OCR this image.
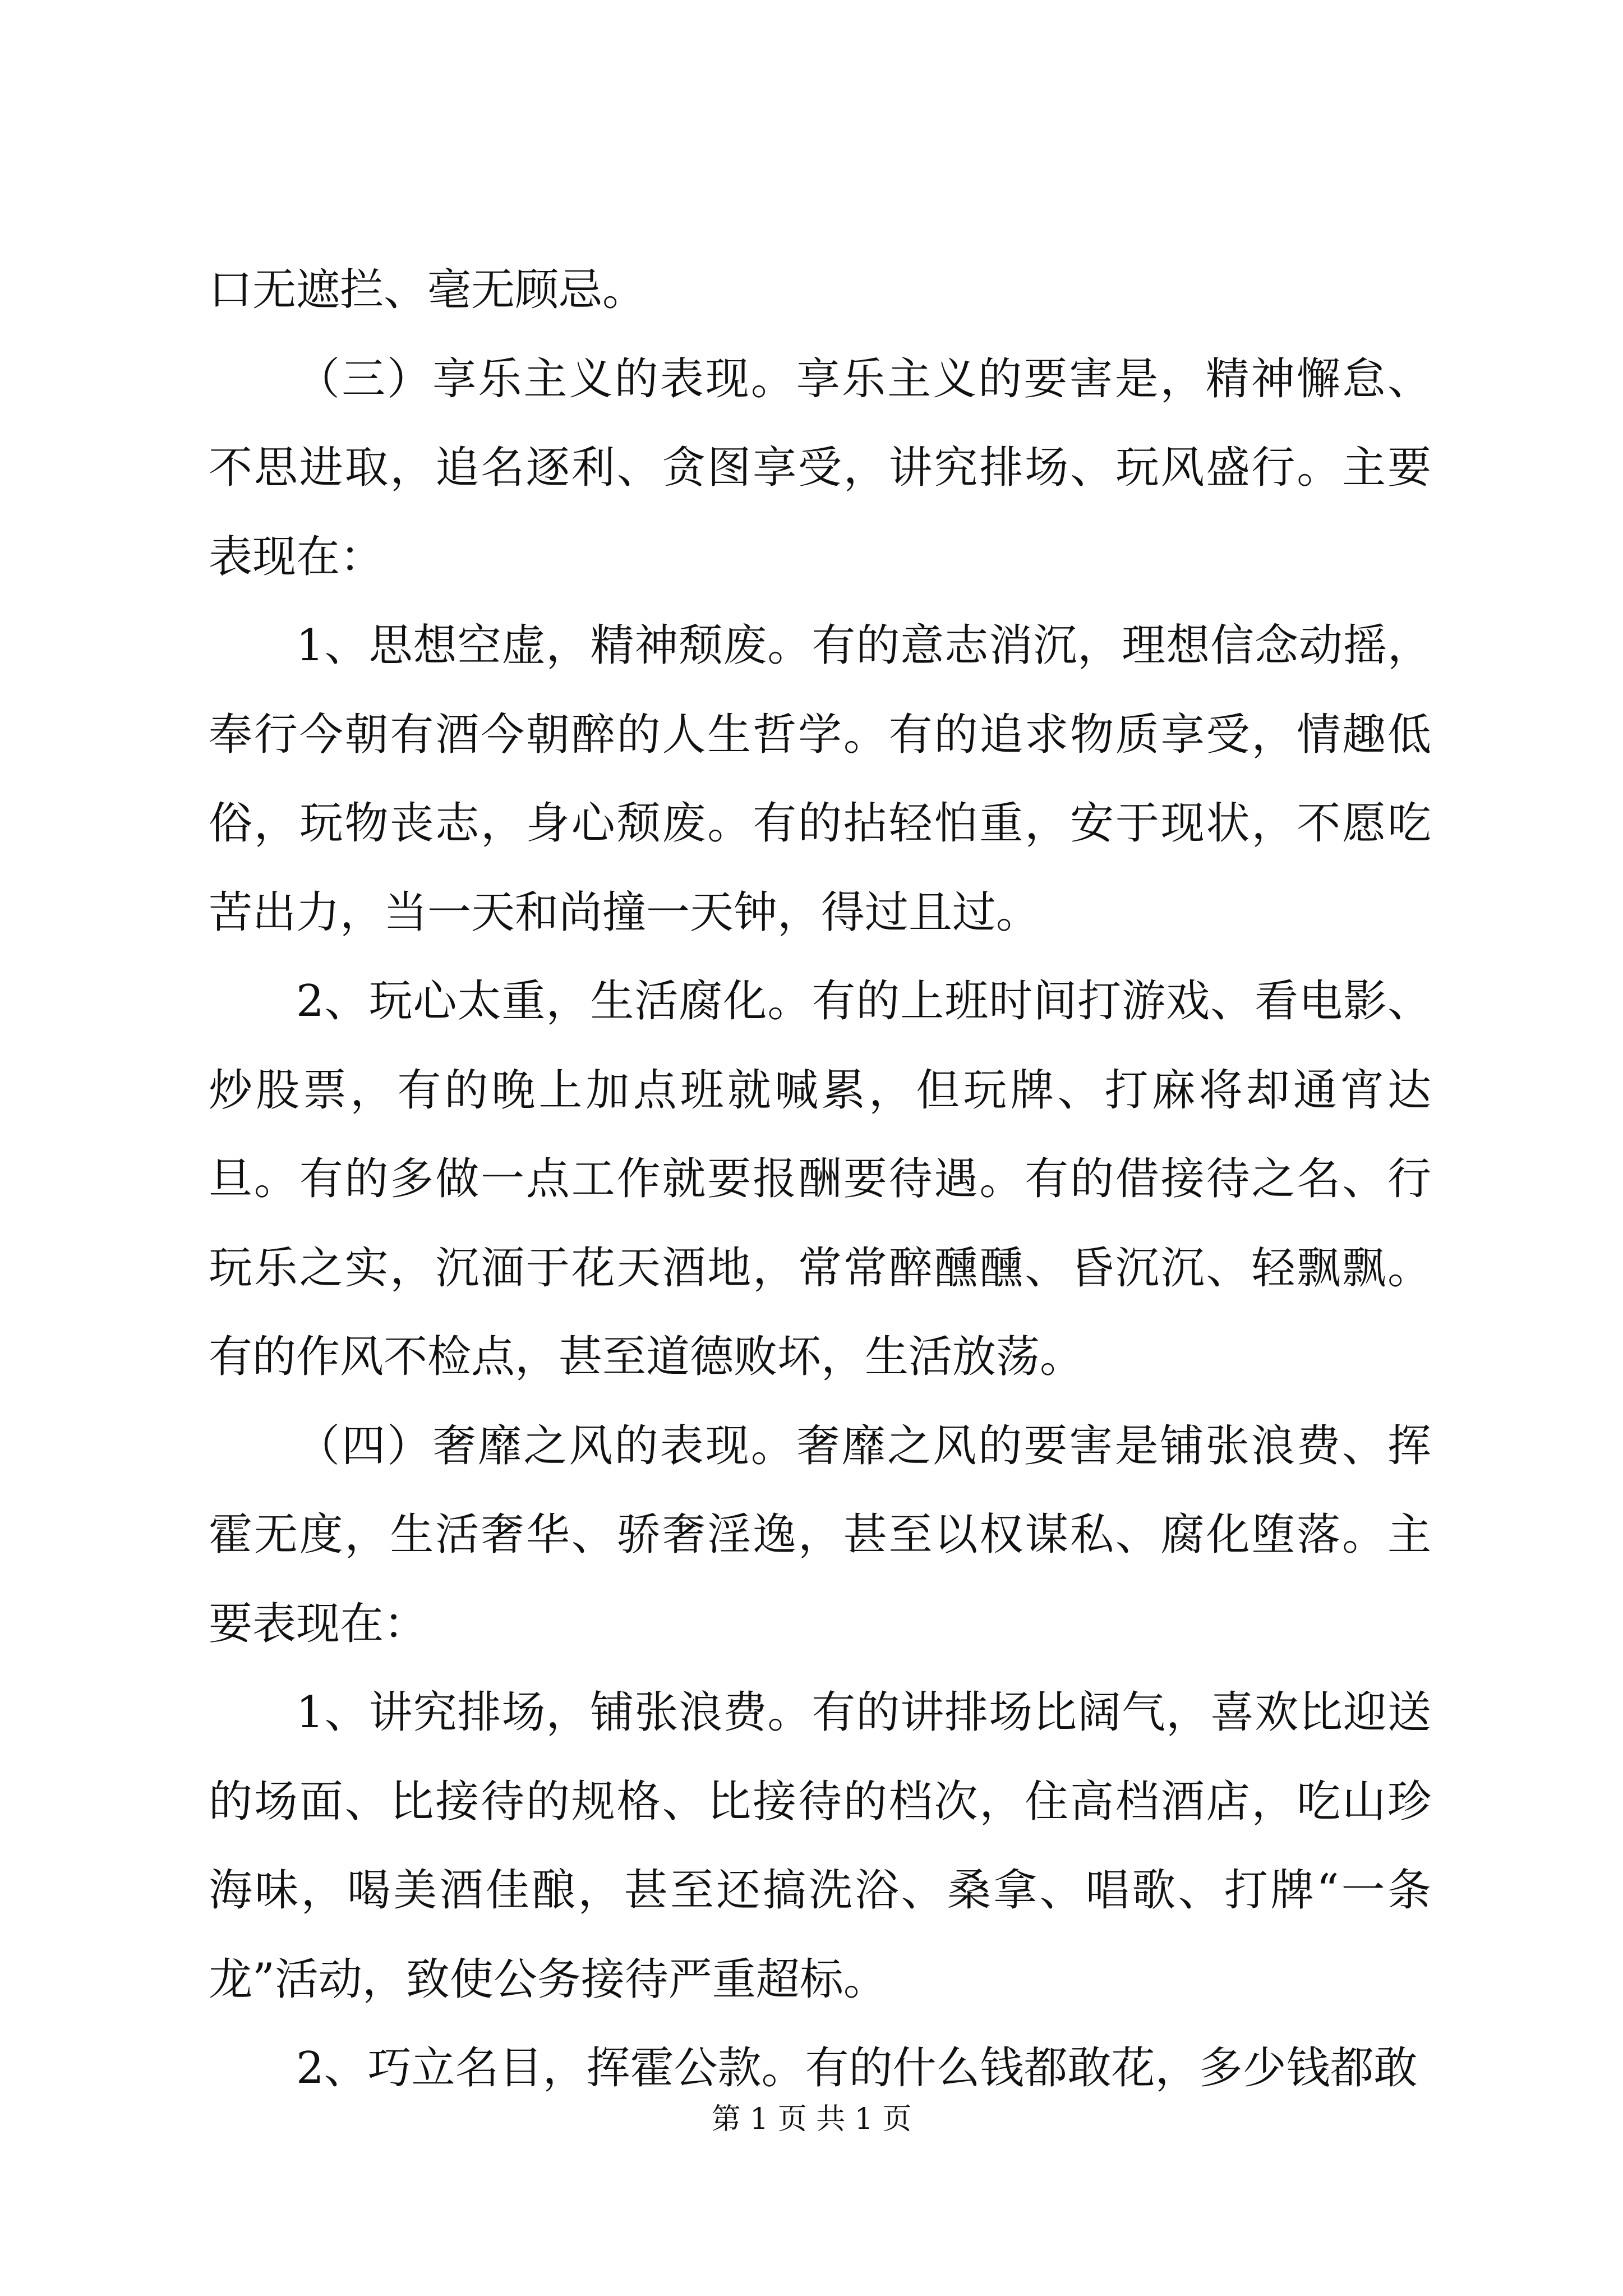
口无遮拦、毫无顾忌。

（三）享乐主义的表现。享乐主义的要害是，精神懈怠、不思进取，追名逐利、贪图享受，讲究排场、玩风盛行。主要表现在：

1、思想空虚，精神颓废。有的意志消沉，理想信念动摇，奉行今朝有酒今朝醉的人生哲学。有的追求物质享受，情趣低俗，玩物丧志，身心颓废。有的拈轻怕重，安于现状，不愿吃苦出力，当一天和尚撞一天钟，得过且过。

2、玩心太重，生活腐化。有的上班时间打游戏、看电影、炒股票，有的晚上加点班就喊累，但玩牌、打麻将却通宵达旦。有的多做一点工作就要报酬要待遇。有的借接待之名、行玩乐之实，沉湎于花天酒地，常常醉醺醺、昏沉沉、轻飘飘。有的作风不检点，甚至道德败坏，生活放荡。

（四）奢靡之风的表现。奢靡之风的要害是铺张浪费、挥霍无度，生活奢华、骄奢淫逸，甚至以权谋私、腐化堕落。主要表现在：

1、讲究排场，铺张浪费。有的讲排场比阔气，喜欢比迎送的场面、比接待的规格、比接待的档次，住高档酒店，吃山珍海味，喝美酒佳酿，甚至还搞洗浴、桑拿、唱歌、打牌“一条龙”活动，致使公务接待严重超标。

2、巧立名目，挥霍公款。有的什么钱都敢花，多少钱都敢

第 1 页 共 1 页
